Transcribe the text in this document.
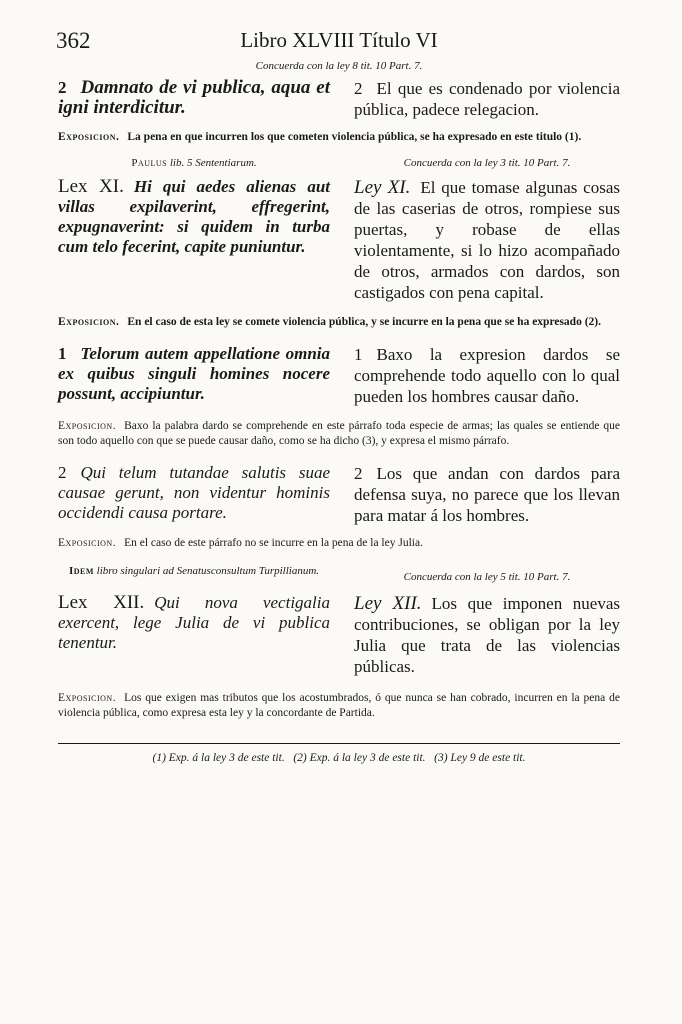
362	Libro XLVIII Título VI
Concuerda con la ley 8 tit. 10 Part. 7.
2 Damnato de vi publica, aqua et igni interdicitur.
2 El que es condenado por violencia pública, padece relegacion.

Exposicion. La pena en que incurren los que cometen violencia pública, se ha expresado en este titulo (1).

Paulus lib. 5 Sententiarum.	Concuerda con la ley 3 tit. 10 Part. 7.
Lex XI. Hi qui aedes alienas aut villas expilaverint, effregerint, expugnaverint: si quidem in turba cum telo fecerint, capite puniuntur.
Ley XI. El que tomase algunas cosas de las caserias de otros, rompiese sus puertas, y robase de ellas violentamente, si lo hizo acompañado de otros, armados con dardos, son castigados con pena capital.

Exposicion. En el caso de esta ley se comete violencia pública, y se incurre en la pena que se ha expresado (2).

1 Telorum autem appellatione omnia ex quibus singuli homines nocere possunt, accipiuntur.
1 Baxo la expresion dardos se comprehende todo aquello con lo qual pueden los hombres causar daño.

Exposicion. Baxo la palabra dardo se comprehende en este párrafo toda especie de armas; las quales se entiende que son todo aquello con que se puede causar daño, como se ha dicho (3), y expresa el mismo párrafo.

2 Qui telum tutandae salutis suae causae gerunt, non videntur hominis occidendi causa portare.
2 Los que andan con dardos para defensa suya, no parece que los llevan para matar á los hombres.

Exposicion. En el caso de este párrafo no se incurre en la pena de la ley Julia.

Idem libro singulari ad Senatusconsultum Turpillianum.	Concuerda con la ley 5 tit. 10 Part. 7.
Lex XII. Qui nova vectigalia exercent, lege Julia de vi publica tenentur.
Ley XII. Los que imponen nuevas contribuciones, se obligan por la ley Julia que trata de las violencias públicas.

Exposicion. Los que exigen mas tributos que los acostumbrados, ó que nunca se han cobrado, incurren en la pena de violencia pública, como expresa esta ley y la concordante de Partida.

(1) Exp. á la ley 3 de este tit. (2) Exp. á la ley 3 de este tit. (3) Ley 9 de este tit.
